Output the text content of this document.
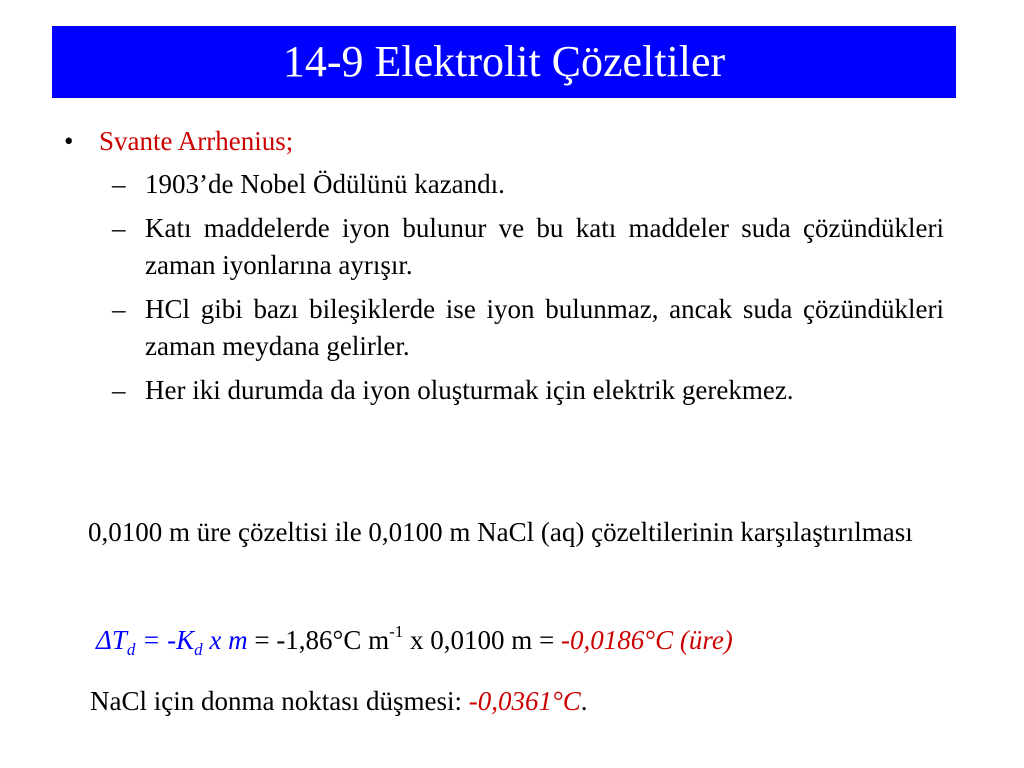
14-9 Elektrolit Çözeltiler
• Svante Arrhenius;
– 1903’de Nobel Ödülünü kazandı.
– Katı maddelerde iyon bulunur ve bu katı maddeler suda çözündükleri zaman iyonlarına ayrışır.
– HCl gibi bazı bileşiklerde ise iyon bulunmaz, ancak suda çözündükleri zaman meydana gelirler.
– Her iki durumda da iyon oluşturmak için elektrik gerekmez.
0,0100 m üre çözeltisi ile 0,0100 m NaCl (aq) çözeltilerinin karşılaştırılması
$\Delta T_d = -K_d$ x m = -1,86°C $m^{-1}$ x 0,0100 m = -0,0186°C (üre)
NaCl için donma noktası düşmesi: -0,0361°C.
